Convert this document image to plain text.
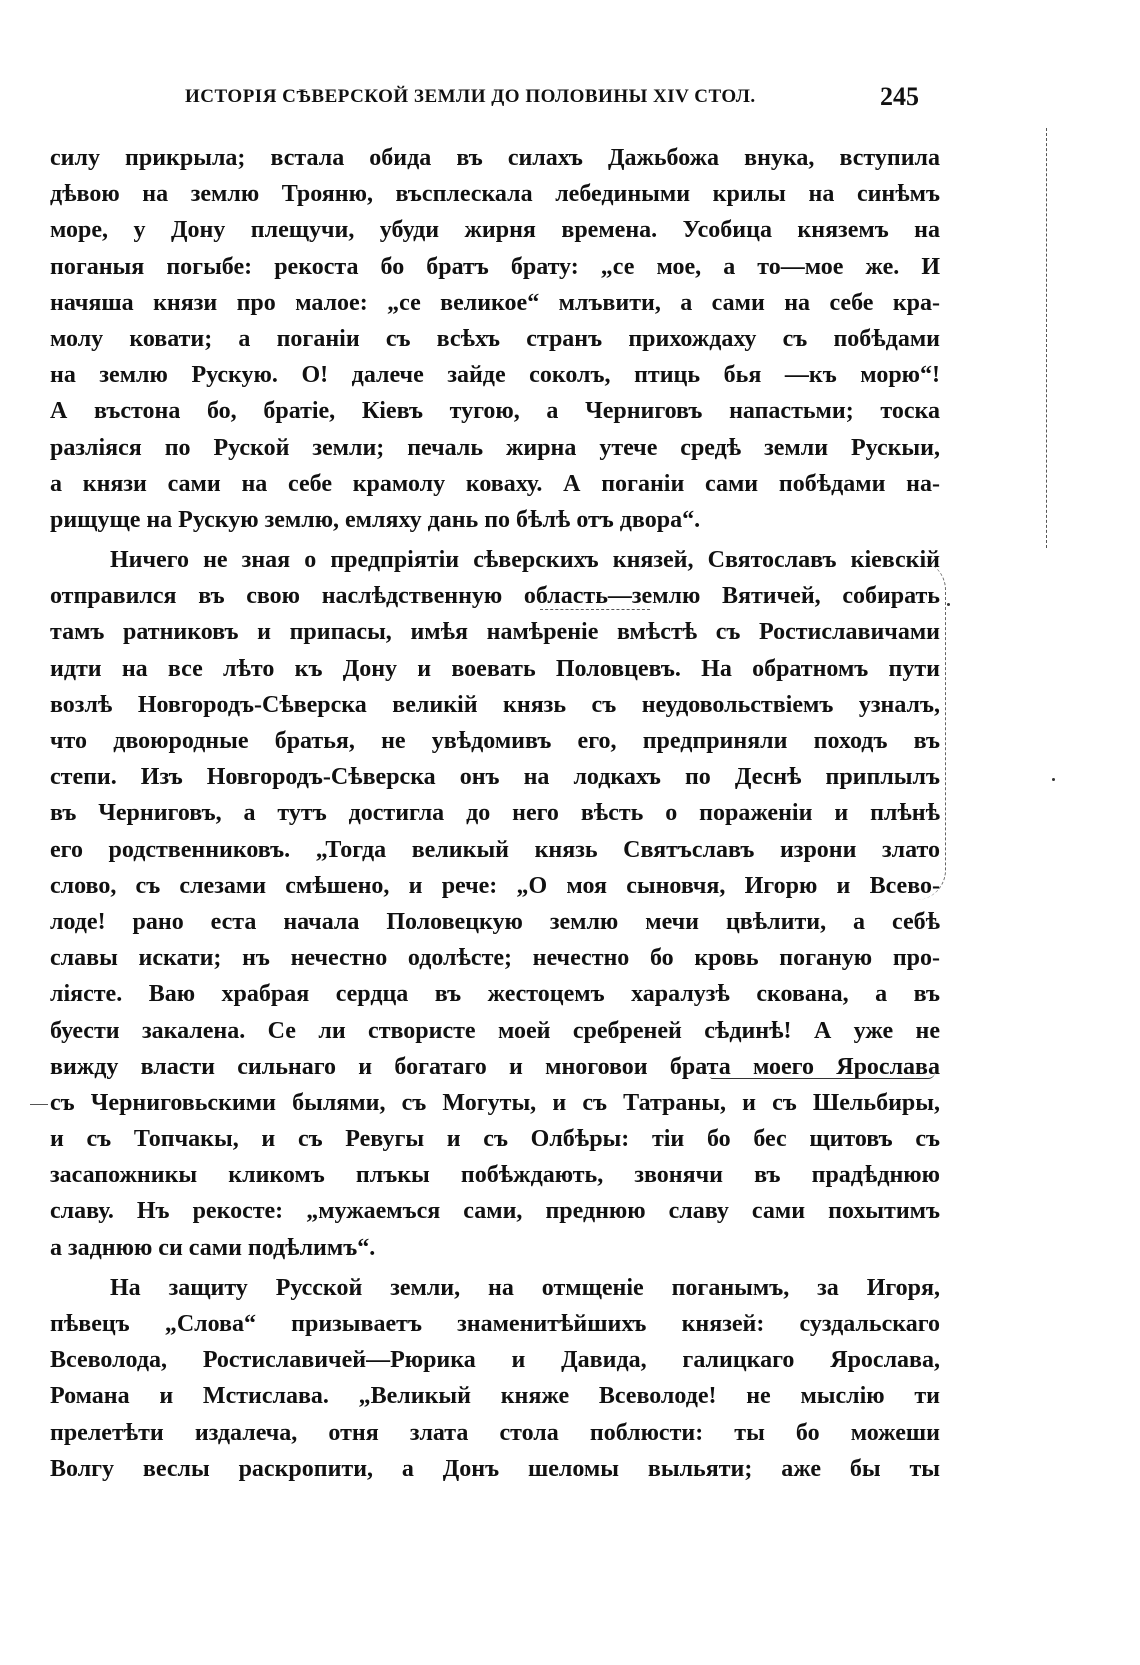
ИСТОРІЯ СѢВЕРСКОЙ ЗЕМЛИ ДО ПОЛОВИНЫ XIV СТОЛ.	245
силу прикрыла; встала обида въ силахъ Дажьбожа внука, вступила
дѣвою на землю Трояню, въсплескала лебедиными крилы на синѣмъ
море, у Дону плещучи, убуди жирня времена. Усобица княземъ на
поганыя погыбе: рекоста бо братъ брату: „се мое, а то—мое же. И
начяша князи про малое: „се великое“ млъвити, а сами на себе кра-
молу ковати; а поганіи съ всѣхъ странъ прихождаху съ побѣдами
на землю Рускую. О! далече зайде соколъ, птиць бья —къ морю“!
А въстона бо, братіе, Кіевъ тугою, а Черниговъ напастьми; тоска
разліяся по Руской земли; печаль жирна утече средѣ земли Рускыи,
а князи сами на себе крамолу коваху. А поганіи сами побѣдами на-
рищуще на Рускую землю, емляху дань по бѣлѣ отъ двора“.
Ничего не зная о предпріятіи сѣверскихъ князей, Святославъ кіевскій
отправился въ свою наслѣдственную область—землю Вятичей, собирать
тамъ ратниковъ и припасы, имѣя намѣреніе вмѣстѣ съ Ростиславичами
идти на все лѣто къ Дону и воевать Половцевъ. На обратномъ пути
возлѣ Новгородъ-Сѣверска великій князь съ неудовольствіемъ узналъ,
что двоюродные братья, не увѣдомивъ его, предприняли походъ въ
степи. Изъ Новгородъ-Сѣверска онъ на лодкахъ по Деснѣ приплылъ
въ Черниговъ, а тутъ достигла до него вѣсть о пораженіи и плѣнѣ
его родственниковъ. „Тогда великый князь Святъславъ изрони злато
слово, съ слезами смѣшено, и рече: „О моя сыновчя, Игорю и Всево-
лоде! рано еста начала Половецкую землю мечи цвѣлити, а себѣ
славы искати; нъ нечестно одолѣсте; нечестно бо кровь поганую про-
ліясте. Ваю храбрая сердца въ жестоцемъ харалузѣ скована, а въ
буести закалена. Се ли створисте моей сребреней сѣдинѣ! А уже не
вижду власти сильнаго и богатаго и многовои брата моего Ярослава
съ Черниговьскими былями, съ Могуты, и съ Татраны, и съ Шельбиры,
и съ Топчакы, и съ Ревугы и съ Олбѣры: тіи бо бес щитовъ съ
засапожникы кликомъ плъкы побѣждають, звонячи въ прадѣднюю
славу. Нъ рекосте: „мужаемъся сами, преднюю славу сами похытимъ
а заднюю си сами подѣлимъ“.
На защиту Русской земли, на отмщеніе поганымъ, за Игоря,
пѣвецъ „Слова“ призываетъ знаменитѣйшихъ князей: суздальскаго
Всеволода, Ростиславичей—Рюрика и Давида, галицкаго Ярослава,
Романа и Мстислава. „Великый княже Всеволоде! не мыслію ти
прелетѣти издалеча, отня злата стола поблюсти: ты бо можеши
Волгу веслы раскропити, а Донъ шеломы выльяти; аже бы ты
